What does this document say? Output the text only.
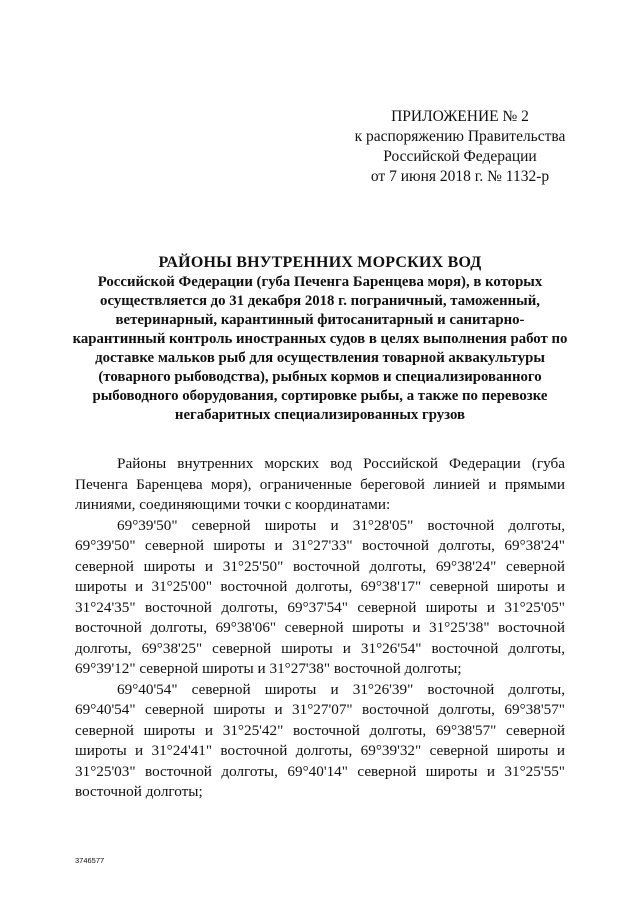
ПРИЛОЖЕНИЕ № 2
к распоряжению Правительства
Российской Федерации
от 7 июня 2018 г. № 1132-р
РАЙОНЫ ВНУТРЕННИХ МОРСКИХ ВОД
Российской Федерации (губа Печенга Баренцева моря), в которых осуществляется до 31 декабря 2018 г. пограничный, таможенный, ветеринарный, карантинный фитосанитарный и санитарно-карантинный контроль иностранных судов в целях выполнения работ по доставке мальков рыб для осуществления товарной аквакультуры (товарного рыбоводства), рыбных кормов и специализированного рыбоводного оборудования, сортировке рыбы, а также по перевозке негабаритных специализированных грузов

Районы внутренних морских вод Российской Федерации (губа Печенга Баренцева моря), ограниченные береговой линией и прямыми линиями, соединяющими точки с координатами:

69°39'50" северной широты и 31°28'05" восточной долготы, 69°39'50" северной широты и 31°27'33" восточной долготы, 69°38'24" северной широты и 31°25'50" восточной долготы, 69°38'24" северной широты и 31°25'00" восточной долготы, 69°38'17" северной широты и 31°24'35" восточной долготы, 69°37'54" северной широты и 31°25'05" восточной долготы, 69°38'06" северной широты и 31°25'38" восточной долготы, 69°38'25" северной широты и 31°26'54" восточной долготы, 69°39'12" северной широты и 31°27'38" восточной долготы;

69°40'54" северной широты и 31°26'39" восточной долготы, 69°40'54" северной широты и 31°27'07" восточной долготы, 69°38'57" северной широты и 31°25'42" восточной долготы, 69°38'57" северной широты и 31°24'41" восточной долготы, 69°39'32" северной широты и 31°25'03" восточной долготы, 69°40'14" северной широты и 31°25'55" восточной долготы;

3746577
